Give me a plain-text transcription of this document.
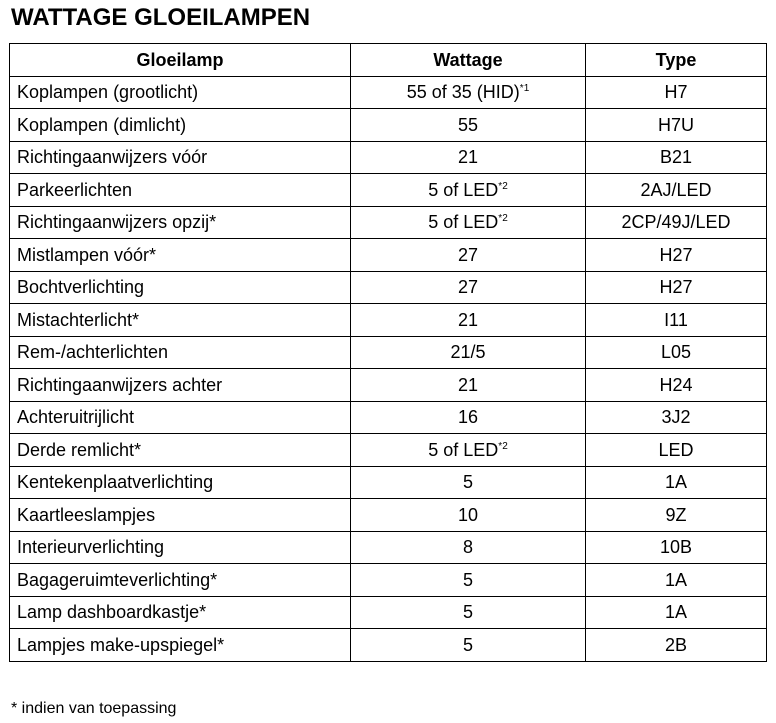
WATTAGE GLOEILAMPEN
Gloeilamp	Wattage	Type
Koplampen (grootlicht)	55 of 35 (HID)$^{*1}$	H7
Koplampen (dimlicht)	55	H7U
Richtingaanwijzers vóór	21	B21
Parkeerlichten	5 of LED$^{*2}$	2AJ/LED
Richtingaanwijzers opzij*	5 of LED$^{*2}$	2CP/49J/LED
Mistlampen vóór*	27	H27
Bochtverlichting	27	H27
Mistachterlicht*	21	I11
Rem-/achterlichten	21/5	L05
Richtingaanwijzers achter	21	H24
Achteruitrijlicht	16	3J2
Derde remlicht*	5 of LED$^{*2}$	LED
Kentekenplaatverlichting	5	1A
Kaartleeslampjes	10	9Z
Interieurverlichting	8	10B
Bagageruimteverlichting*	5	1A
Lamp dashboardkastje*	5	1A
Lampjes make-upspiegel*	5	2B
* indien van toepassing
